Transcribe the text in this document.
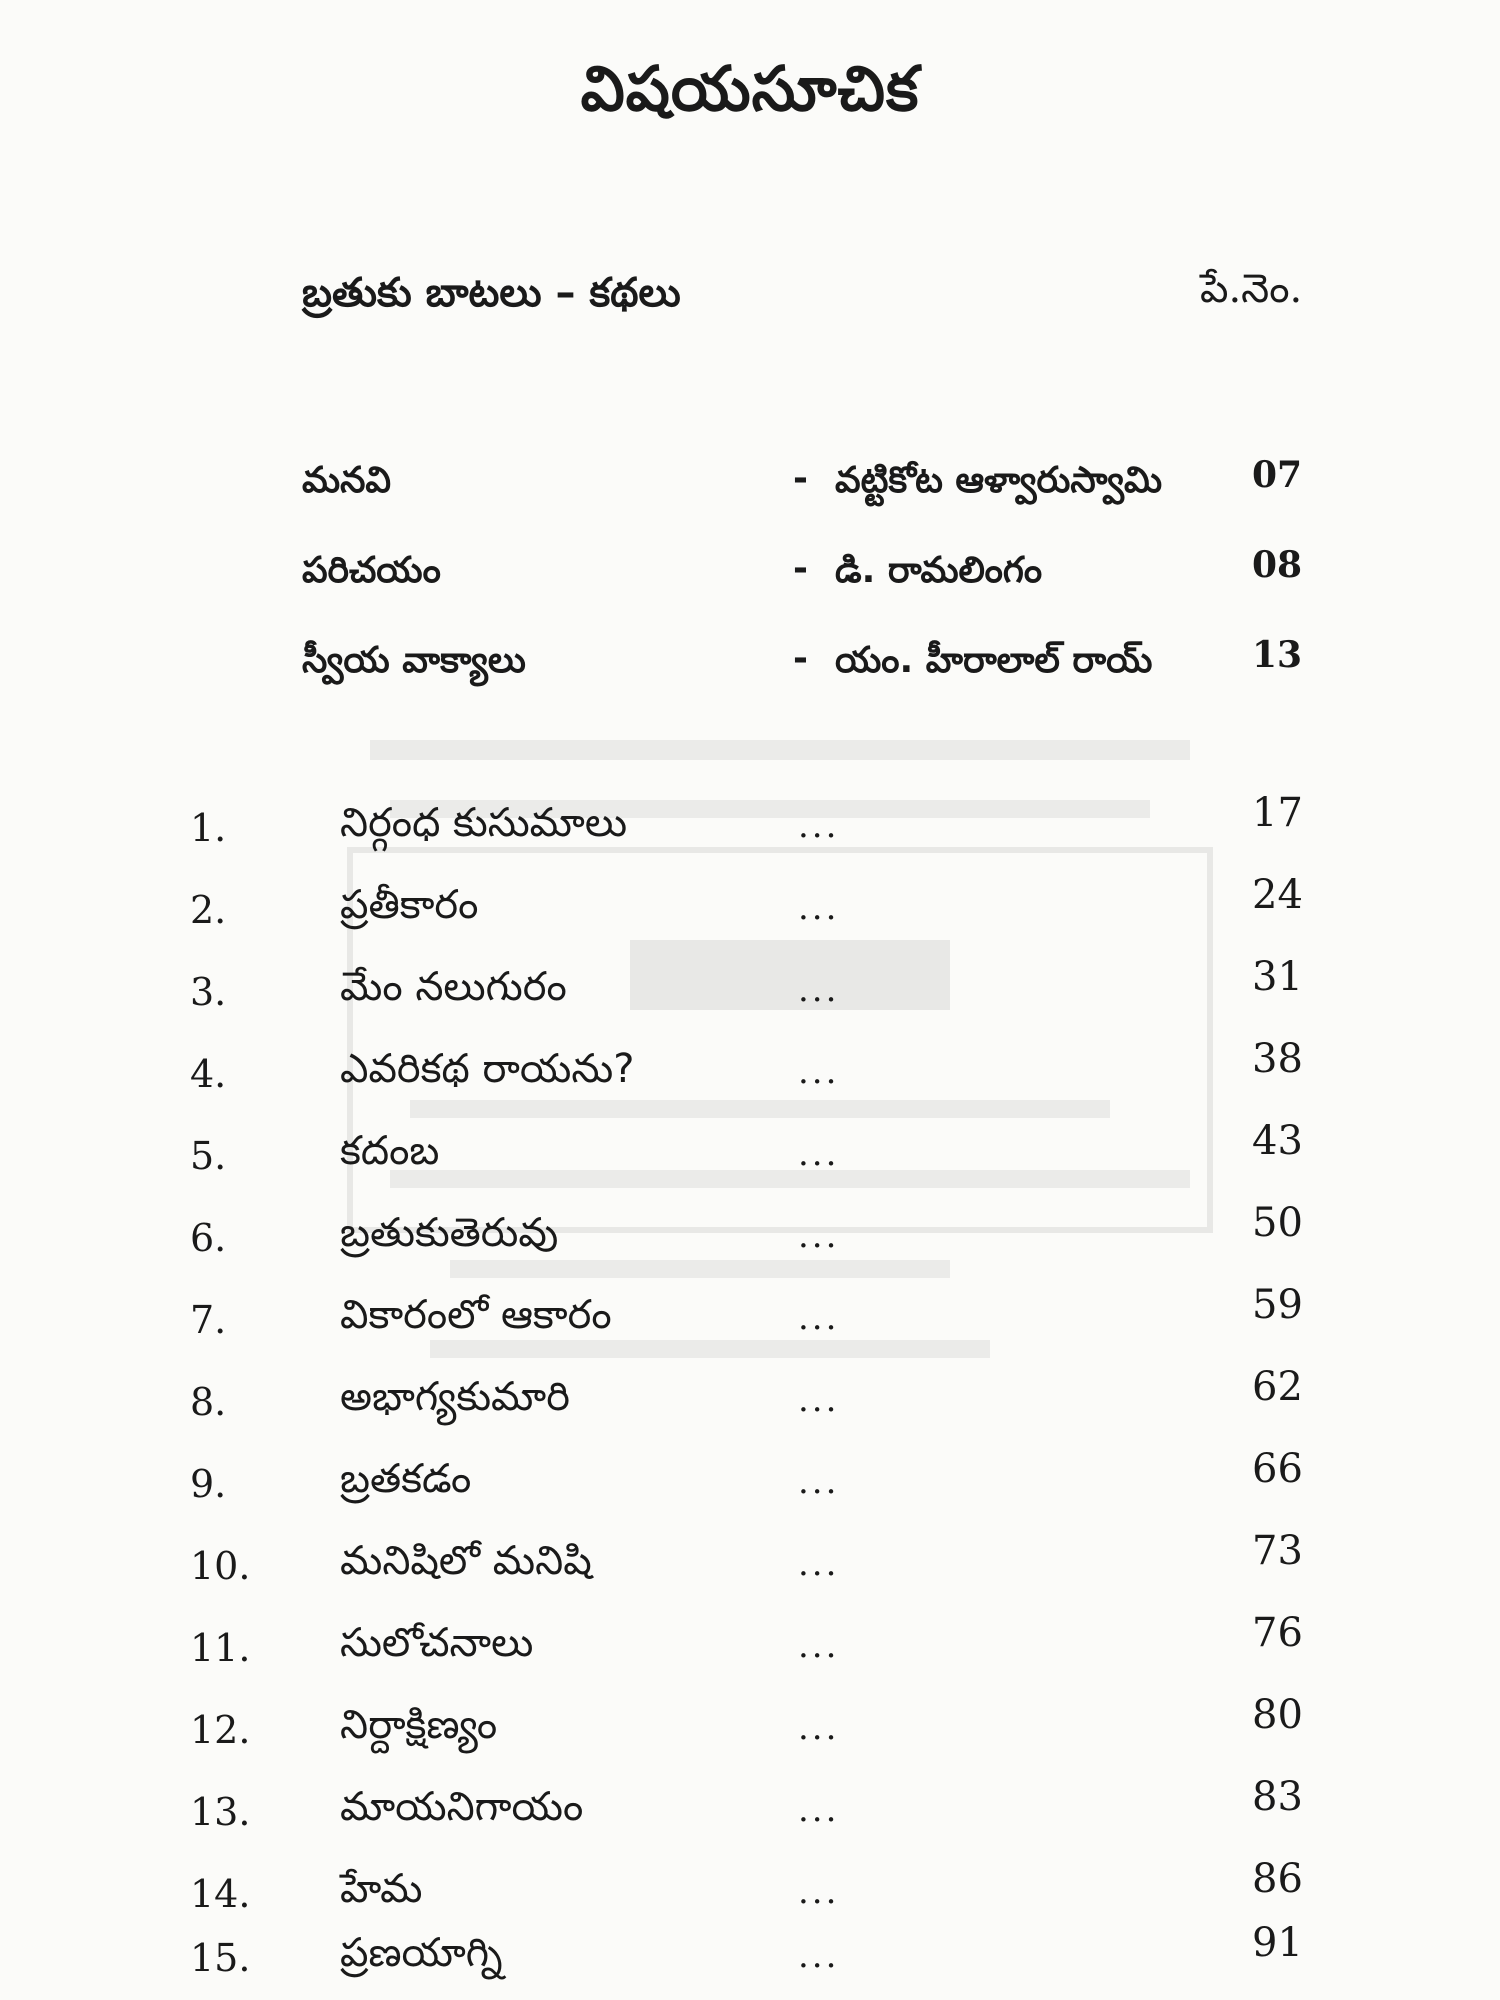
విషయసూచిక
బ్రతుకు బాటలు – కథలు	పే.నెం.
మనవి	- వట్టికోట ఆళ్వారుస్వామి 07
పరిచయం	- డి. రామలింగం	08
స్వీయ వాక్యాలు	- యం. హీరాలాల్ రాయ్	13
1.	నిర్గంధ కుసుమాలు	...	17
2.	ప్రతీకారం	...	24
3.	మేం నలుగురం	...	31
4.	ఎవరికథ రాయను?	...	38
5.	కదంబ	...	43
6.	బ్రతుకుతెరువు	...	50
7.	వికారంలో ఆకారం	...	59
8.	అభాగ్యకుమారి	...	62
9.	బ్రతకడం	...	66
10. మనిషిలో మనిషి	...	73
11. సులోచనాలు	...	76
12. నిర్దాక్షిణ్యం	...	80
13. మాయనిగాయం	...	83
14. హేమ	...	86
15. ప్రణయాగ్ని	...	91
